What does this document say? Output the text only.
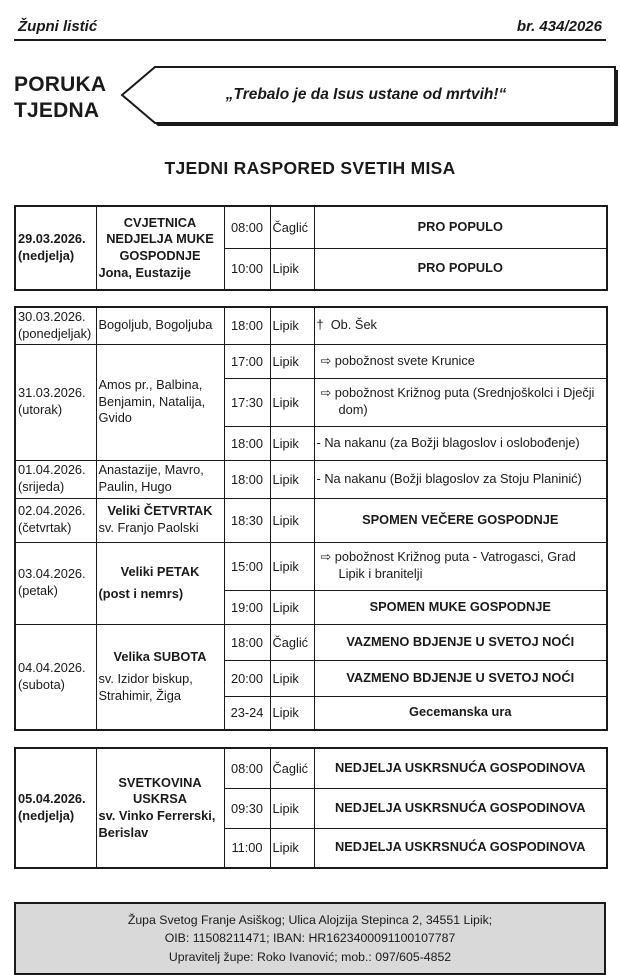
Župni listić	br. 434/2026
PORUKA
TJEDNA
„Trebalo je da Isus ustane od mrtvih!“
TJEDNI RASPORED SVETIH MISA
29.03.2026.
(nedjelja)

CVJETNICA NEDJELJA MUKE GOSPODNJE
Jona, Eustazije
	08:00	Čaglić	PRO POPULO
		10:00	Lipik	PRO POPULO
30.03.2026.
(ponedjeljak)	Bogoljub, Bogoljuba	18:00	Lipik	†  Ob. Šek

31.03.2026.
(utorak)	Amos pr., Balbina, Benjamin, Natalija, Gvido	17:00	Lipik	⇨ pobožnost svete Krunice
		17:30	Lipik	⇨ pobožnost Križnog puta (Srednjoškolci i Dječji dom)
		18:00	Lipik	- Na nakanu (za Božji blagoslov i oslobođenje)

01.04.2026.
(srijeda)	Anastazije, Mavro, Paulin, Hugo	18:00	Lipik	- Na nakanu (Božji blagoslov za Stoju Planinić)

02.04.2026.
(četvrtak)

Veliki ČETVRTAK
sv. Franjo Paolski	18:30	Lipik	SPOMEN VEČERE GOSPODNJE

03.04.2026.
(petak)

Veliki PETAK
(post i nemrs)
	15:00	Lipik	⇨ pobožnost Križnog puta - Vatrogasci, Grad Lipik i branitelji
		19:00	Lipik	SPOMEN MUKE GOSPODNJE

04.04.2026.
(subota)

Velika SUBOTA
sv. Izidor biskup, Strahimir, Žiga
	18:00	Čaglić	VAZMENO BDJENJE U SVETOJ NOĆI
		20:00	Lipik	VAZMENO BDJENJE U SVETOJ NOĆI
		23-24	Lipik	Gecemanska ura
05.04.2026.
(nedjelja)

SVETKOVINA USKRSA
sv. Vinko Ferrerski, Berislav
	08:00	Čaglić	NEDJELJA USKRSNUĆA GOSPODINOVA
		09:30	Lipik	NEDJELJA USKRSNUĆA GOSPODINOVA
		11:00	Lipik	NEDJELJA USKRSNUĆA GOSPODINOVA
Župa Svetog Franje Asiškog; Ulica Alojzija Stepinca 2, 34551 Lipik;
OIB: 11508211471; IBAN: HR1623400091100107787
Upravitelj župe: Roko Ivanović; mob.: 097/605-4852
